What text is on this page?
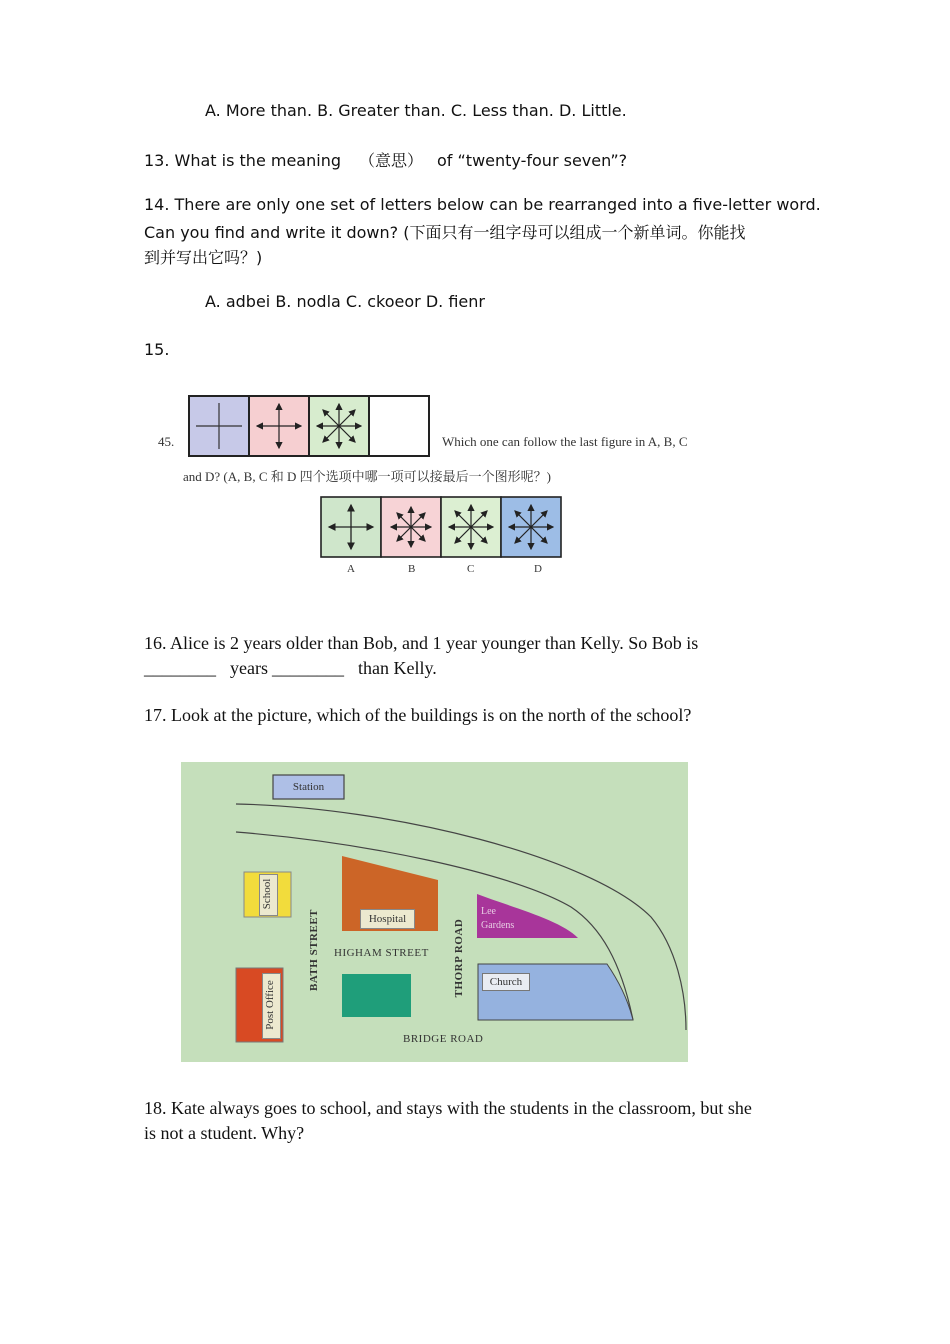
A. More than. B. Greater than. C. Less than. D. Little.
13. What is the meaning （意思） of “twenty-four seven”?
14. There are only one set of letters below can be rearranged into a five-letter word.
Can you find and write it down? (下面只有一组字母可以组成一个新单词。你能找
到并写出它吗？)
A. adbei B. nodla C. ckoeor D. fienr
15.
45.	Which one can follow the last figure in A, B, C
and D? (A, B, C 和 D 四个选项中哪一项可以接最后一个图形呢？)
A	B	C	D
16. Alice is 2 years older than Bob, and 1 year younger than Kelly. So Bob is
________ years ________ than Kelly.
17. Look at the picture, which of the buildings is on the north of the school?
Station
School
Hospital
Lee
Gardens
Church
Post Office
BATH STREET HIGHAM STREET THORP ROAD
BRIDGE ROAD
18. Kate always goes to school, and stays with the students in the classroom, but she
is not a student. Why?
